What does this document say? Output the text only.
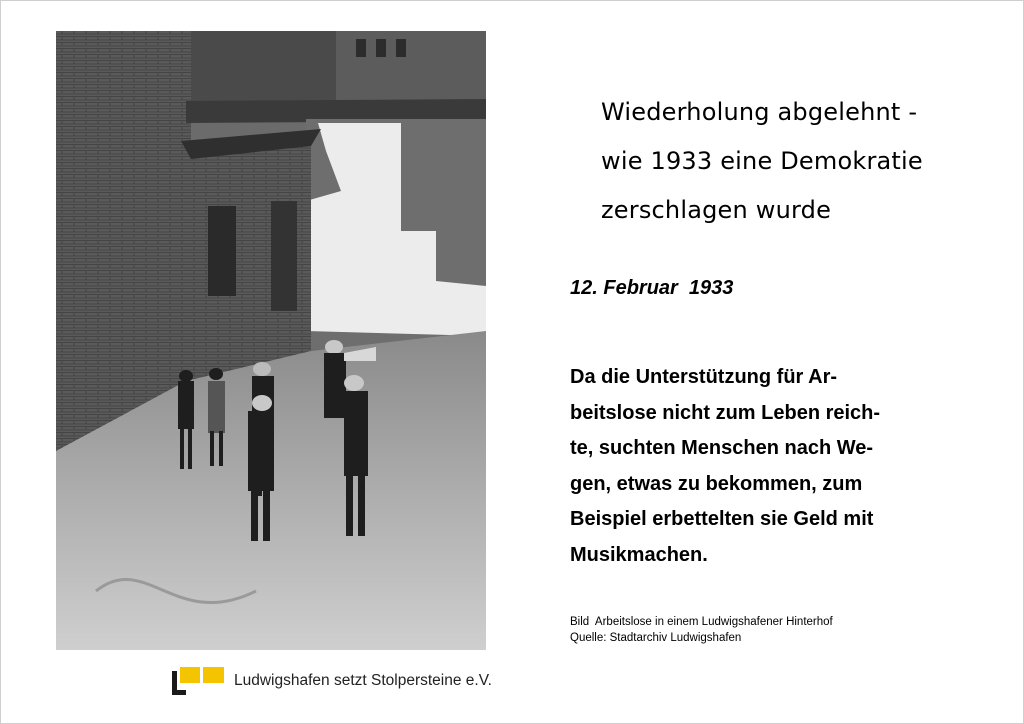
Wiederholung abgelehnt -
wie 1933 eine Demokratie
zerschlagen wurde
12. Februar  1933
Da die Unterstützung für Ar-
beitslose nicht zum Leben reich-
te, suchten Menschen nach We-
gen, etwas zu bekommen, zum
Beispiel erbettelten sie Geld mit
Musikmachen.
Bild  Arbeitslose in einem Ludwigshafener Hinterhof
Quelle: Stadtarchiv Ludwigshafen
Ludwigshafen setzt Stolpersteine e.V.
